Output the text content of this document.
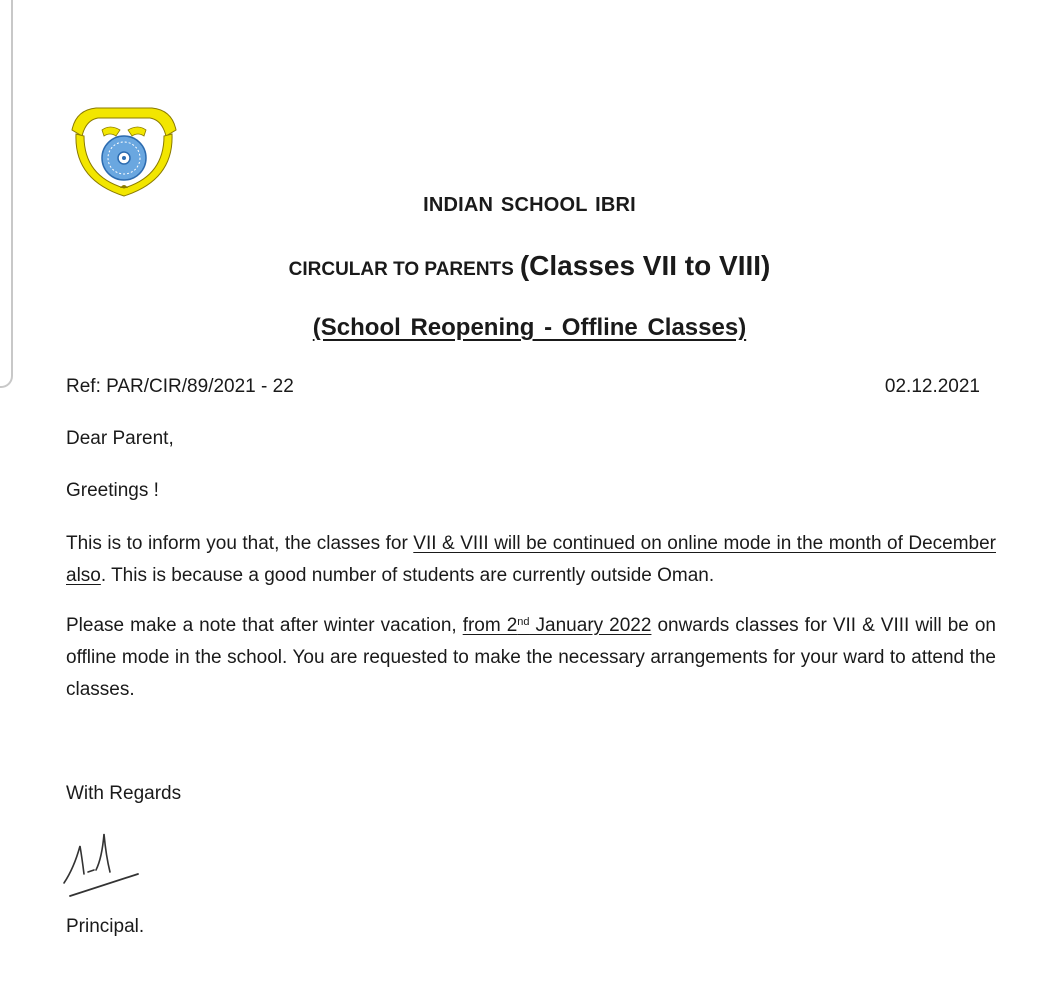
INDIAN SCHOOL IBRI
CIRCULAR TO PARENTS (Classes VII to VIII)
(School Reopening - Offline Classes)
Ref: PAR/CIR/89/2021 - 22	02.12.2021
Dear Parent,
Greetings !
This is to inform you that, the classes for VII & VIII will be continued on online mode in the month of December also. This is because a good number of students are currently outside Oman.
Please make a note that after winter vacation, from 2nd January 2022 onwards classes for VII & VIII will be on offline mode in the school. You are requested to make the necessary arrangements for your ward to attend the classes.
With Regards
Principal.
